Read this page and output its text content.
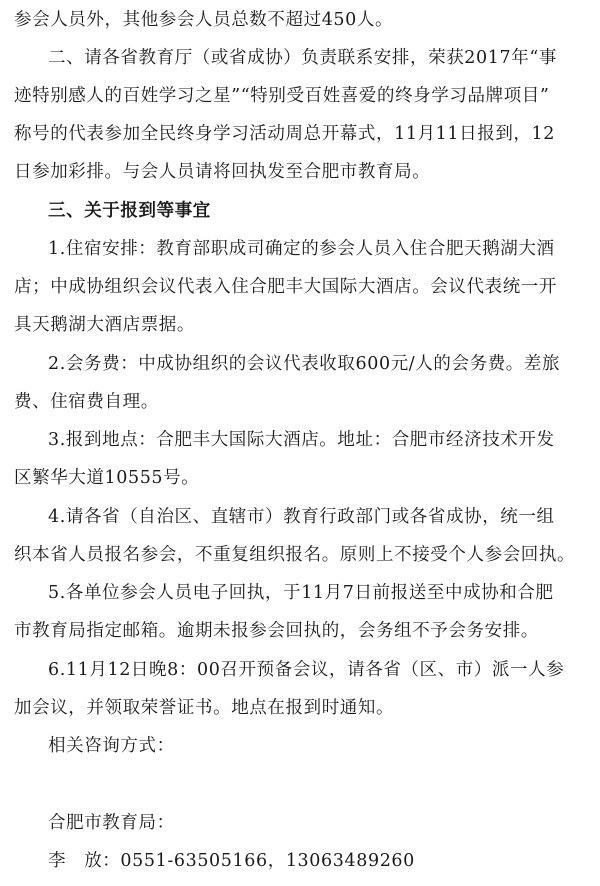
参会人员外，其他参会人员总数不超过450人。
二、请各省教育厅（或省成协）负责联系安排，荣获2017年“事
迹特别感人的百姓学习之星”“特别受百姓喜爱的终身学习品牌项目”
称号的代表参加全民终身学习活动周总开幕式，11月11日报到，12
日参加彩排。与会人员请将回执发至合肥市教育局。
三、关于报到等事宜
1.住宿安排：教育部职成司确定的参会人员入住合肥天鹅湖大酒
店；中成协组织会议代表入住合肥丰大国际大酒店。会议代表统一开
具天鹅湖大酒店票据。
2.会务费：中成协组织的会议代表收取600元/人的会务费。差旅
费、住宿费自理。
3.报到地点：合肥丰大国际大酒店。地址：合肥市经济技术开发
区繁华大道10555号。
4.请各省（自治区、直辖市）教育行政部门或各省成协，统一组
织本省人员报名参会，不重复组织报名。原则上不接受个人参会回执。
5.各单位参会人员电子回执，于11月7日前报送至中成协和合肥
市教育局指定邮箱。逾期未报参会回执的，会务组不予会务安排。
6.11月12日晚8：00召开预备会议，请各省（区、市）派一人参
加会议，并领取荣誉证书。地点在报到时通知。
相关咨询方式：
合肥市教育局：
李　放：0551-63505166，13063489260
